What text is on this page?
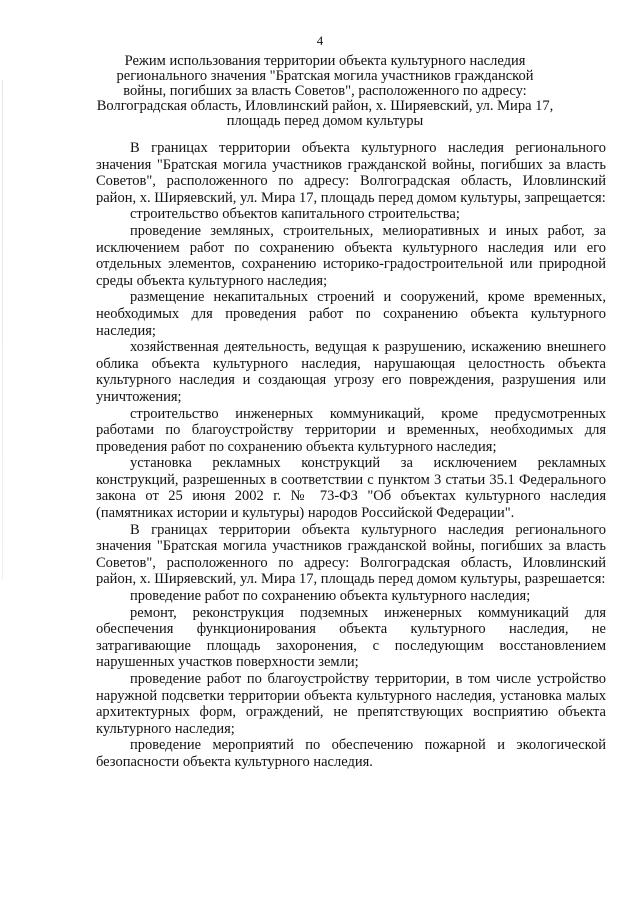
4
Режим использования территории объекта культурного наследия регионального значения "Братская могила участников гражданской войны, погибших за власть Советов", расположенного по адресу: Волгоградская область, Иловлинский район, х. Ширяевский, ул. Мира 17, площадь перед домом культуры

В границах территории объекта культурного наследия регионального значения "Братская могила участников гражданской войны, погибших за власть Советов", расположенного по адресу: Волгоградская область, Иловлинский район, х. Ширяевский, ул. Мира 17, площадь перед домом культуры, запрещается:

строительство объектов капитального строительства;

проведение земляных, строительных, мелиоративных и иных работ, за исключением работ по сохранению объекта культурного наследия или его отдельных элементов, сохранению историко-градостроительной или природной среды объекта культурного наследия;

размещение некапитальных строений и сооружений, кроме временных, необходимых для проведения работ по сохранению объекта культурного наследия;

хозяйственная деятельность, ведущая к разрушению, искажению внешнего облика объекта культурного наследия, нарушающая целостность объекта культурного наследия и создающая угрозу его повреждения, разрушения или уничтожения;

строительство инженерных коммуникаций, кроме предусмотренных работами по благоустройству территории и временных, необходимых для проведения работ по сохранению объекта культурного наследия;

установка рекламных конструкций за исключением рекламных конструкций, разрешенных в соответствии с пунктом 3 статьи 35.1 Федерального закона от 25 июня 2002 г. № 73-ФЗ "Об объектах культурного наследия (памятниках истории и культуры) народов Российской Федерации".

В границах территории объекта культурного наследия регионального значения "Братская могила участников гражданской войны, погибших за власть Советов", расположенного по адресу: Волгоградская область, Иловлинский район, х. Ширяевский, ул. Мира 17, площадь перед домом культуры, разрешается:

проведение работ по сохранению объекта культурного наследия;

ремонт, реконструкция подземных инженерных коммуникаций для обеспечения функционирования объекта культурного наследия, не затрагивающие площадь захоронения, с последующим восстановлением нарушенных участков поверхности земли;

проведение работ по благоустройству территории, в том числе устройство наружной подсветки территории объекта культурного наследия, установка малых архитектурных форм, ограждений, не препятствующих восприятию объекта культурного наследия;

проведение мероприятий по обеспечению пожарной и экологической безопасности объекта культурного наследия.
